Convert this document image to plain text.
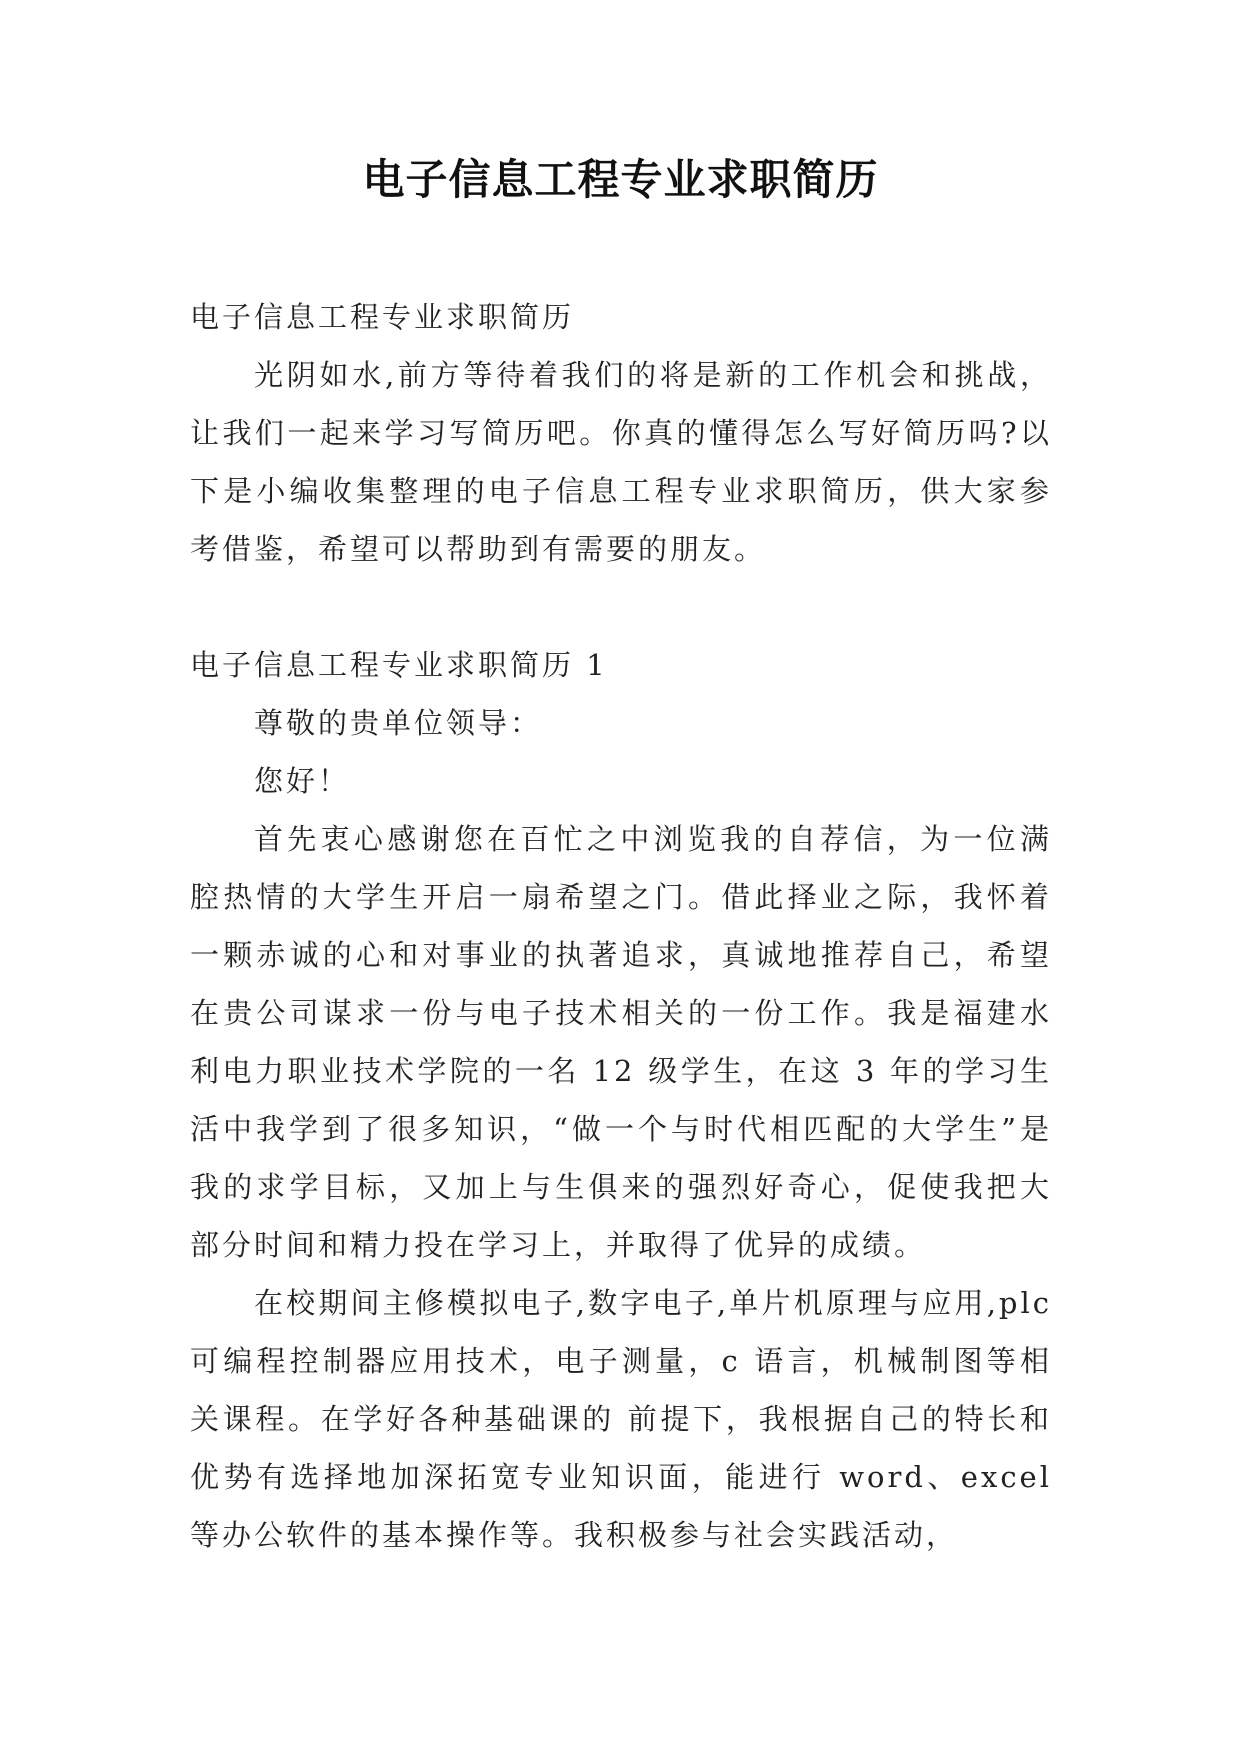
电子信息工程专业求职简历

电子信息工程专业求职简历

光阴如水,前方等待着我们的将是新的工作机会和挑战，让我们一起来学习写简历吧。你真的懂得怎么写好简历吗?以下是小编收集整理的电子信息工程专业求职简历，供大家参考借鉴，希望可以帮助到有需要的朋友。

电子信息工程专业求职简历 1

尊敬的贵单位领导：

您好！

首先衷心感谢您在百忙之中浏览我的自荐信，为一位满腔热情的大学生开启一扇希望之门。借此择业之际，我怀着一颗赤诚的心和对事业的执著追求，真诚地推荐自己，希望在贵公司谋求一份与电子技术相关的一份工作。我是福建水利电力职业技术学院的一名 12 级学生，在这 3 年的学习生活中我学到了很多知识，“做一个与时代相匹配的大学生”是我的求学目标，又加上与生俱来的强烈好奇心，促使我把大部分时间和精力投在学习上，并取得了优异的成绩。

在校期间主修模拟电子,数字电子,单片机原理与应用,plc 可编程控制器应用技术，电子测量，c 语言，机械制图等相关课程。在学好各种基础课的 前提下，我根据自己的特长和优势有选择地加深拓宽专业知识面，能进行 word、excel 等办公软件的基本操作等。我积极参与社会实践活动，
